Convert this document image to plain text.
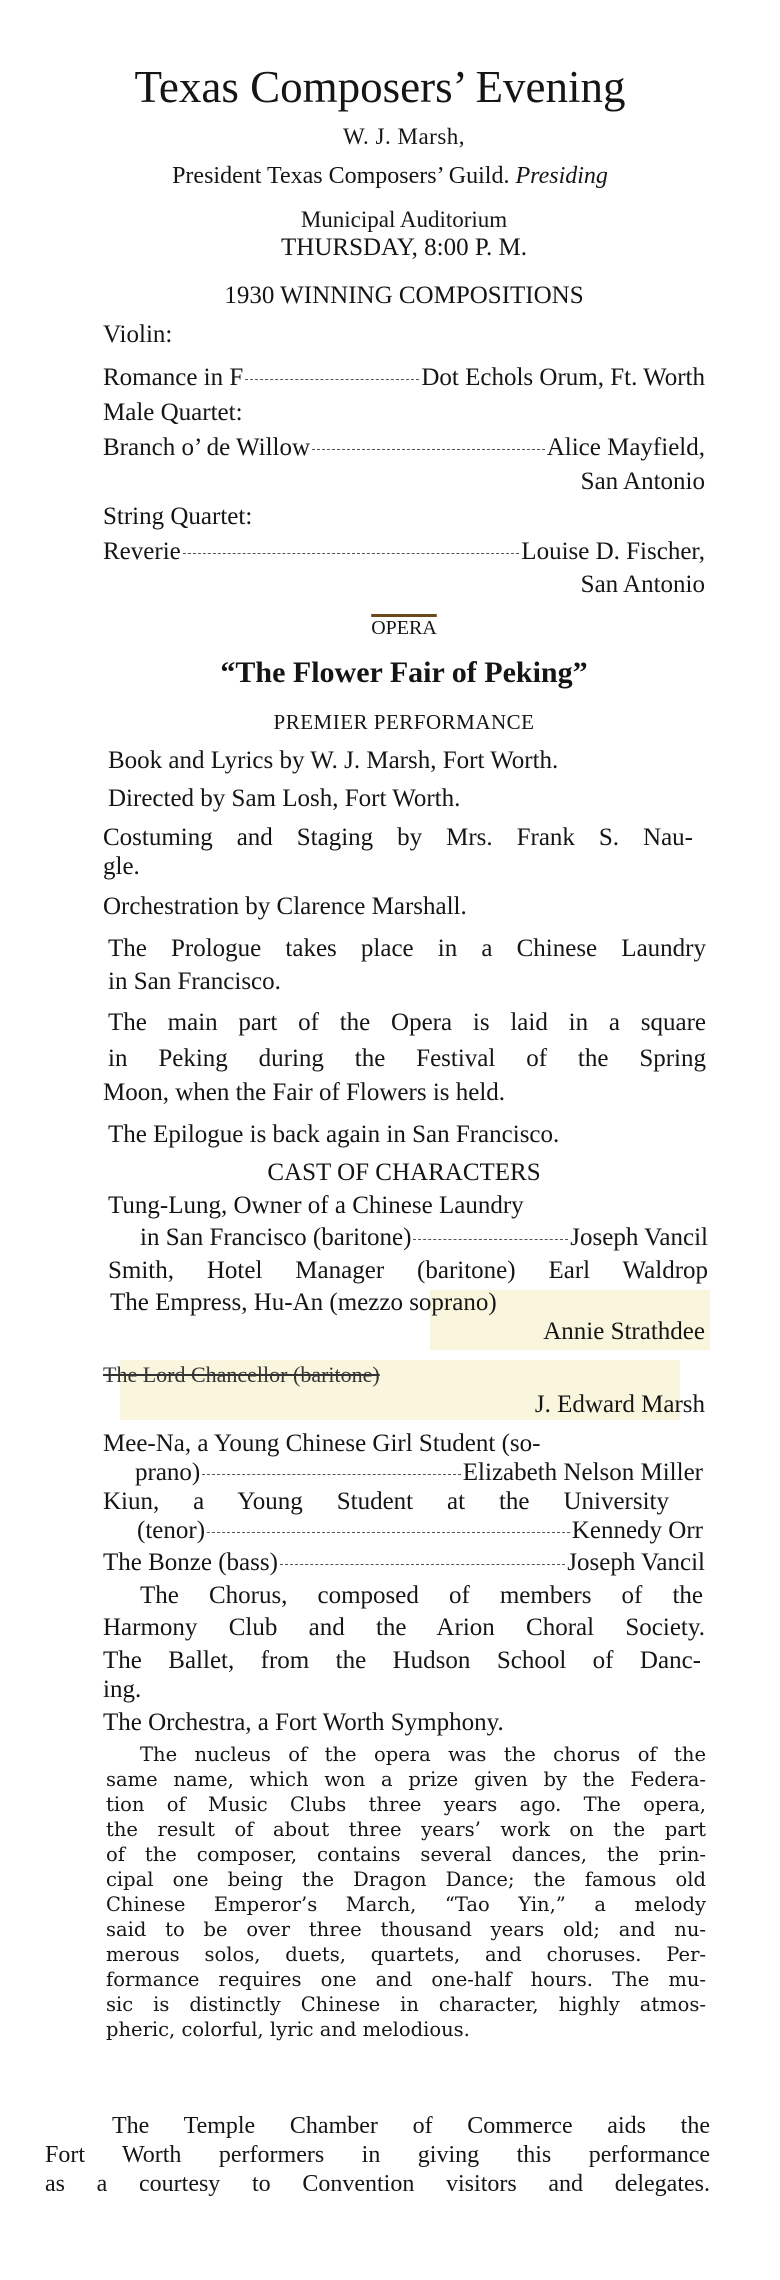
Texas Composers’ Evening
W. J. Marsh,
President Texas Composers’ Guild. Presiding
Municipal Auditorium
THURSDAY, 8:00 P. M.
1930 WINNING COMPOSITIONS
Violin:
Romance in F	Dot Echols Orum, Ft. Worth
Male Quartet:
Branch o’ de Willow	Alice Mayfield,
San Antonio
String Quartet:
Reverie	Louise D. Fischer,
San Antonio
OPERA
“The Flower Fair of Peking”
PREMIER PERFORMANCE
Book and Lyrics by W. J. Marsh, Fort Worth.
Directed by Sam Losh, Fort Worth.
Costuming and Staging by Mrs. Frank S. Nau-
gle.
Orchestration by Clarence Marshall.
The Prologue takes place in a Chinese Laundry
in San Francisco.
The main part of the Opera is laid in a square
in Peking during the Festival of the Spring
Moon, when the Fair of Flowers is held.
The Epilogue is back again in San Francisco.
CAST OF CHARACTERS
Tung-Lung, Owner of a Chinese Laundry
in San Francisco (baritone)	Joseph Vancil
Smith, Hotel Manager (baritone) Earl Waldrop
The Empress, Hu-An (mezzo soprano)
Annie Strathdee
The Lord Chancellor (baritone)
J. Edward Marsh
Mee-Na, a Young Chinese Girl Student (so-
prano)	Elizabeth Nelson Miller
Kiun, a Young Student at the University
(tenor)	Kennedy Orr
The Bonze (bass)	Joseph Vancil
The Chorus, composed of members of the
Harmony Club and the Arion Choral Society.
The Ballet, from the Hudson School of Danc-
ing.
The Orchestra, a Fort Worth Symphony.
The nucleus of the opera was the chorus of the
same name, which won a prize given by the Federa-
tion of Music Clubs three years ago. The opera,
the result of about three years’ work on the part
of the composer, contains several dances, the prin-
cipal one being the Dragon Dance; the famous old
Chinese Emperor’s March, “Tao Yin,” a melody
said to be over three thousand years old; and nu-
merous solos, duets, quartets, and choruses. Per-
formance requires one and one-half hours. The mu-
sic is distinctly Chinese in character, highly atmos-
pheric, colorful, lyric and melodious.
The Temple Chamber of Commerce aids the
Fort Worth performers in giving this performance
as a courtesy to Convention visitors and delegates.
